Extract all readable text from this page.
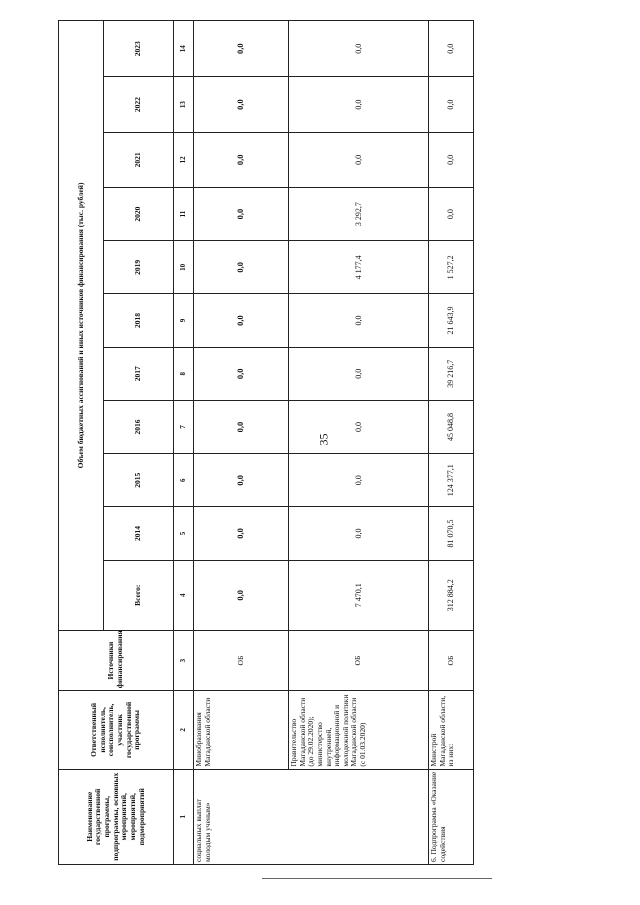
35
Наименование государственной программы, подпрограммы, основных мероприятий, мероприятий, подмероприятий	Ответственный исполнитель, соисполнитель, участник государственной программы	Источники финансирования	Объем бюджетных ассигнований и иных источников финансирования (тыс. рублей)										
			Всего:	2014	2015	2016	2017	2018	2019	2020	2021	2022	2023
1	2	3	4	5	6	7	8	9	10	11	12	13	14
социальных выплат молодым ученым»	Минобразования Магаданской области	ОБ	0,0	0,0	0,0	0,0	0,0	0,0	0,0	0,0	0,0	0,0	0,0
	Правительство Магаданской области (до 29.02.2020); министерство внутренней, информационной и молодежной политики Магаданской области (с 01.03.2020)	ОБ	7 470,1	0,0	0,0	0,0	0,0	0,0	4 177,4	3 292,7	0,0	0,0	0,0
6. Подпрограмма «Оказание содействия	Минстрой Магаданской области, из них:	ОБ	312 884,2	81 070,5	124 377,1	45 048,8	39 216,7	21 643,9	1 527,2	0,0	0,0	0,0	0,0
